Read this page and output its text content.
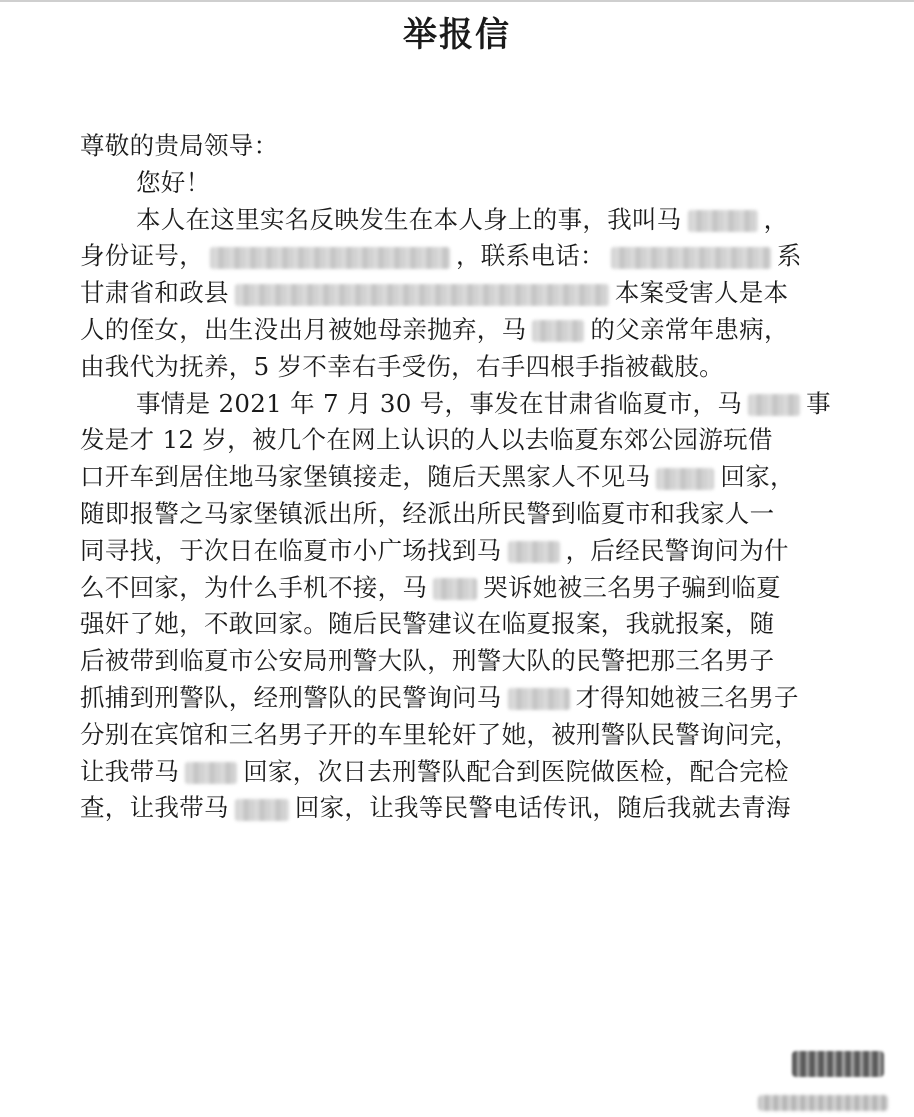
举报信
尊敬的贵局领导：
您好！
本人在这里实名反映发生在本人身上的事，我叫马	，
身份证号，	，联系电话：	系
甘肃省和政县	本案受害人是本
人的侄女，出生没出月被她母亲抛弃，马	的父亲常年患病，
由我代为抚养，5 岁不幸右手受伤，右手四根手指被截肢。
事情是 2021 年 7 月 30 号，事发在甘肃省临夏市，马	事
发是才 12 岁，被几个在网上认识的人以去临夏东郊公园游玩借
口开车到居住地马家堡镇接走，随后天黑家人不见马	回家，
随即报警之马家堡镇派出所，经派出所民警到临夏市和我家人一
同寻找，于次日在临夏市小广场找到马	，后经民警询问为什
么不回家，为什么手机不接，马 哭诉她被三名男子骗到临夏
强奸了她，不敢回家。随后民警建议在临夏报案，我就报案，随
后被带到临夏市公安局刑警大队，刑警大队的民警把那三名男子
抓捕到刑警队，经刑警队的民警询问马	才得知她被三名男子
分别在宾馆和三名男子开的车里轮奸了她，被刑警队民警询问完，
让我带马	回家，次日去刑警队配合到医院做医检，配合完检
查，让我带马	回家，让我等民警电话传讯，随后我就去青海
